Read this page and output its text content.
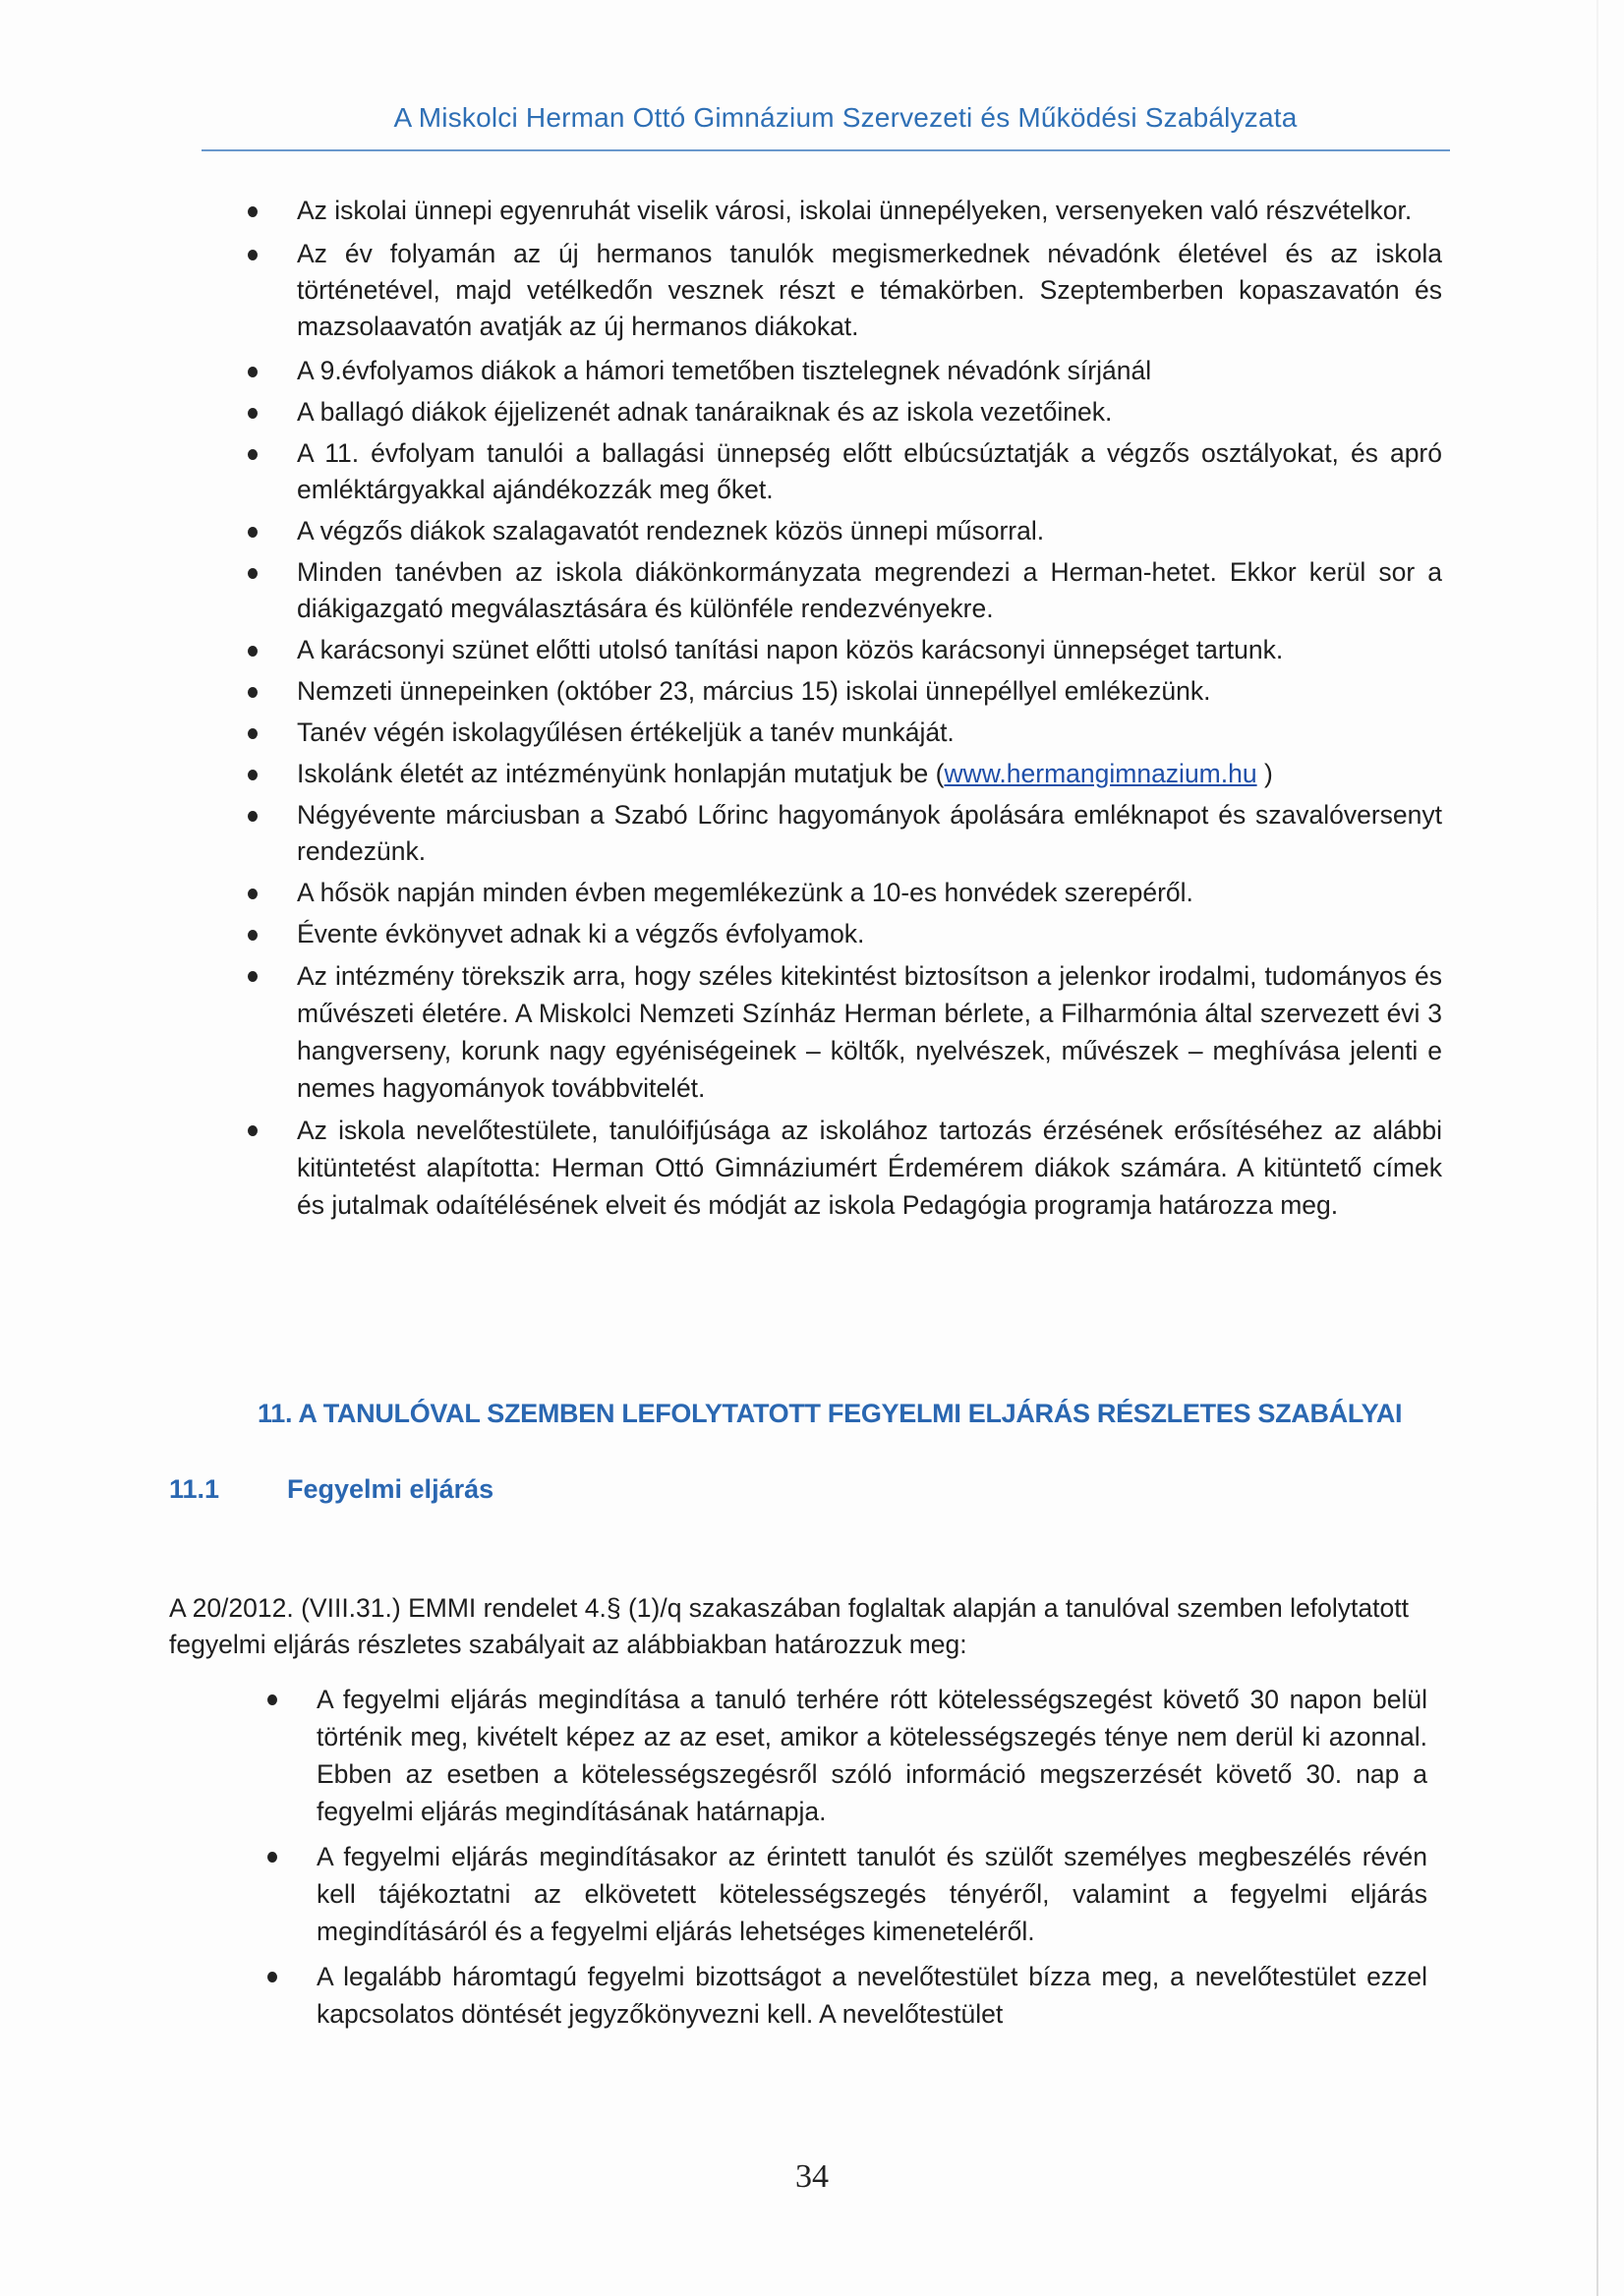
A Miskolci Herman Ottó Gimnázium Szervezeti és Működési Szabályzata
Az iskolai ünnepi egyenruhát viselik városi, iskolai ünnepélyeken, versenyeken való részvételkor.
Az év folyamán az új hermanos tanulók megismerkednek névadónk életével és az iskola történetével, majd vetélkedőn vesznek részt e témakörben. Szeptemberben kopaszavatón és mazsolaavatón avatják az új hermanos diákokat.
A 9.évfolyamos diákok a hámori temetőben tisztelegnek névadónk sírjánál
A ballagó diákok éjjelizenét adnak tanáraiknak és az iskola vezetőinek.
A 11. évfolyam tanulói a ballagási ünnepség előtt elbúcsúztatják a végzős osztályokat, és apró emléktárgyakkal ajándékozzák meg őket.
A végzős diákok szalagavatót rendeznek közös ünnepi műsorral.
Minden tanévben az iskola diákönkormányzata megrendezi a Herman-hetet. Ekkor kerül sor a diákigazgató megválasztására és különféle rendezvényekre.
A karácsonyi szünet előtti utolsó tanítási napon közös karácsonyi ünnepséget tartunk.
Nemzeti ünnepeinken (október 23, március 15) iskolai ünnepéllyel emlékezünk.
Tanév végén iskolagyűlésen értékeljük a tanév munkáját.
Iskolánk életét az intézményünk honlapján mutatjuk be (www.hermangimnazium.hu )
Négyévente márciusban a Szabó Lőrinc hagyományok ápolására emléknapot és szavalóversenyt rendezünk.
A hősök napján minden évben megemlékezünk a 10-es honvédek szerepéről.
Évente évkönyvet adnak ki a végzős évfolyamok.
Az intézmény törekszik arra, hogy széles kitekintést biztosítson a jelenkor irodalmi, tudományos és művészeti életére. A Miskolci Nemzeti Színház Herman bérlete, a Filharmónia által szervezett évi 3 hangverseny, korunk nagy egyéniségeinek – költők, nyelvészek, művészek – meghívása jelenti e nemes hagyományok továbbvitelét.
Az iskola nevelőtestülete, tanulóifjúsága az iskolához tartozás érzésének erősítéséhez az alábbi kitüntetést alapította: Herman Ottó Gimnáziumért Érdemérem diákok számára. A kitüntető címek és jutalmak odaítélésének elveit és módját az iskola Pedagógia programja határozza meg.
11. A TANULÓVAL SZEMBEN LEFOLYTATOTT FEGYELMI ELJÁRÁS RÉSZLETES SZABÁLYAI
11.1	Fegyelmi eljárás

A 20/2012. (VIII.31.) EMMI rendelet 4.§ (1)/q szakaszában foglaltak alapján a tanulóval szemben lefolytatott fegyelmi eljárás részletes szabályait az alábbiakban határozzuk meg:

A fegyelmi eljárás megindítása a tanuló terhére rótt kötelességszegést követő 30 napon belül történik meg, kivételt képez az az eset, amikor a kötelességszegés ténye nem derül ki azonnal. Ebben az esetben a kötelességszegésről szóló információ megszerzését követő 30. nap a fegyelmi eljárás megindításának határnapja.
A fegyelmi eljárás megindításakor az érintett tanulót és szülőt személyes megbeszélés révén kell tájékoztatni az elkövetett kötelességszegés tényéről, valamint a fegyelmi eljárás megindításáról és a fegyelmi eljárás lehetséges kimeneteléről.
A legalább háromtagú fegyelmi bizottságot a nevelőtestület bízza meg, a nevelőtestület ezzel kapcsolatos döntését jegyzőkönyvezni kell. A nevelőtestület
34
